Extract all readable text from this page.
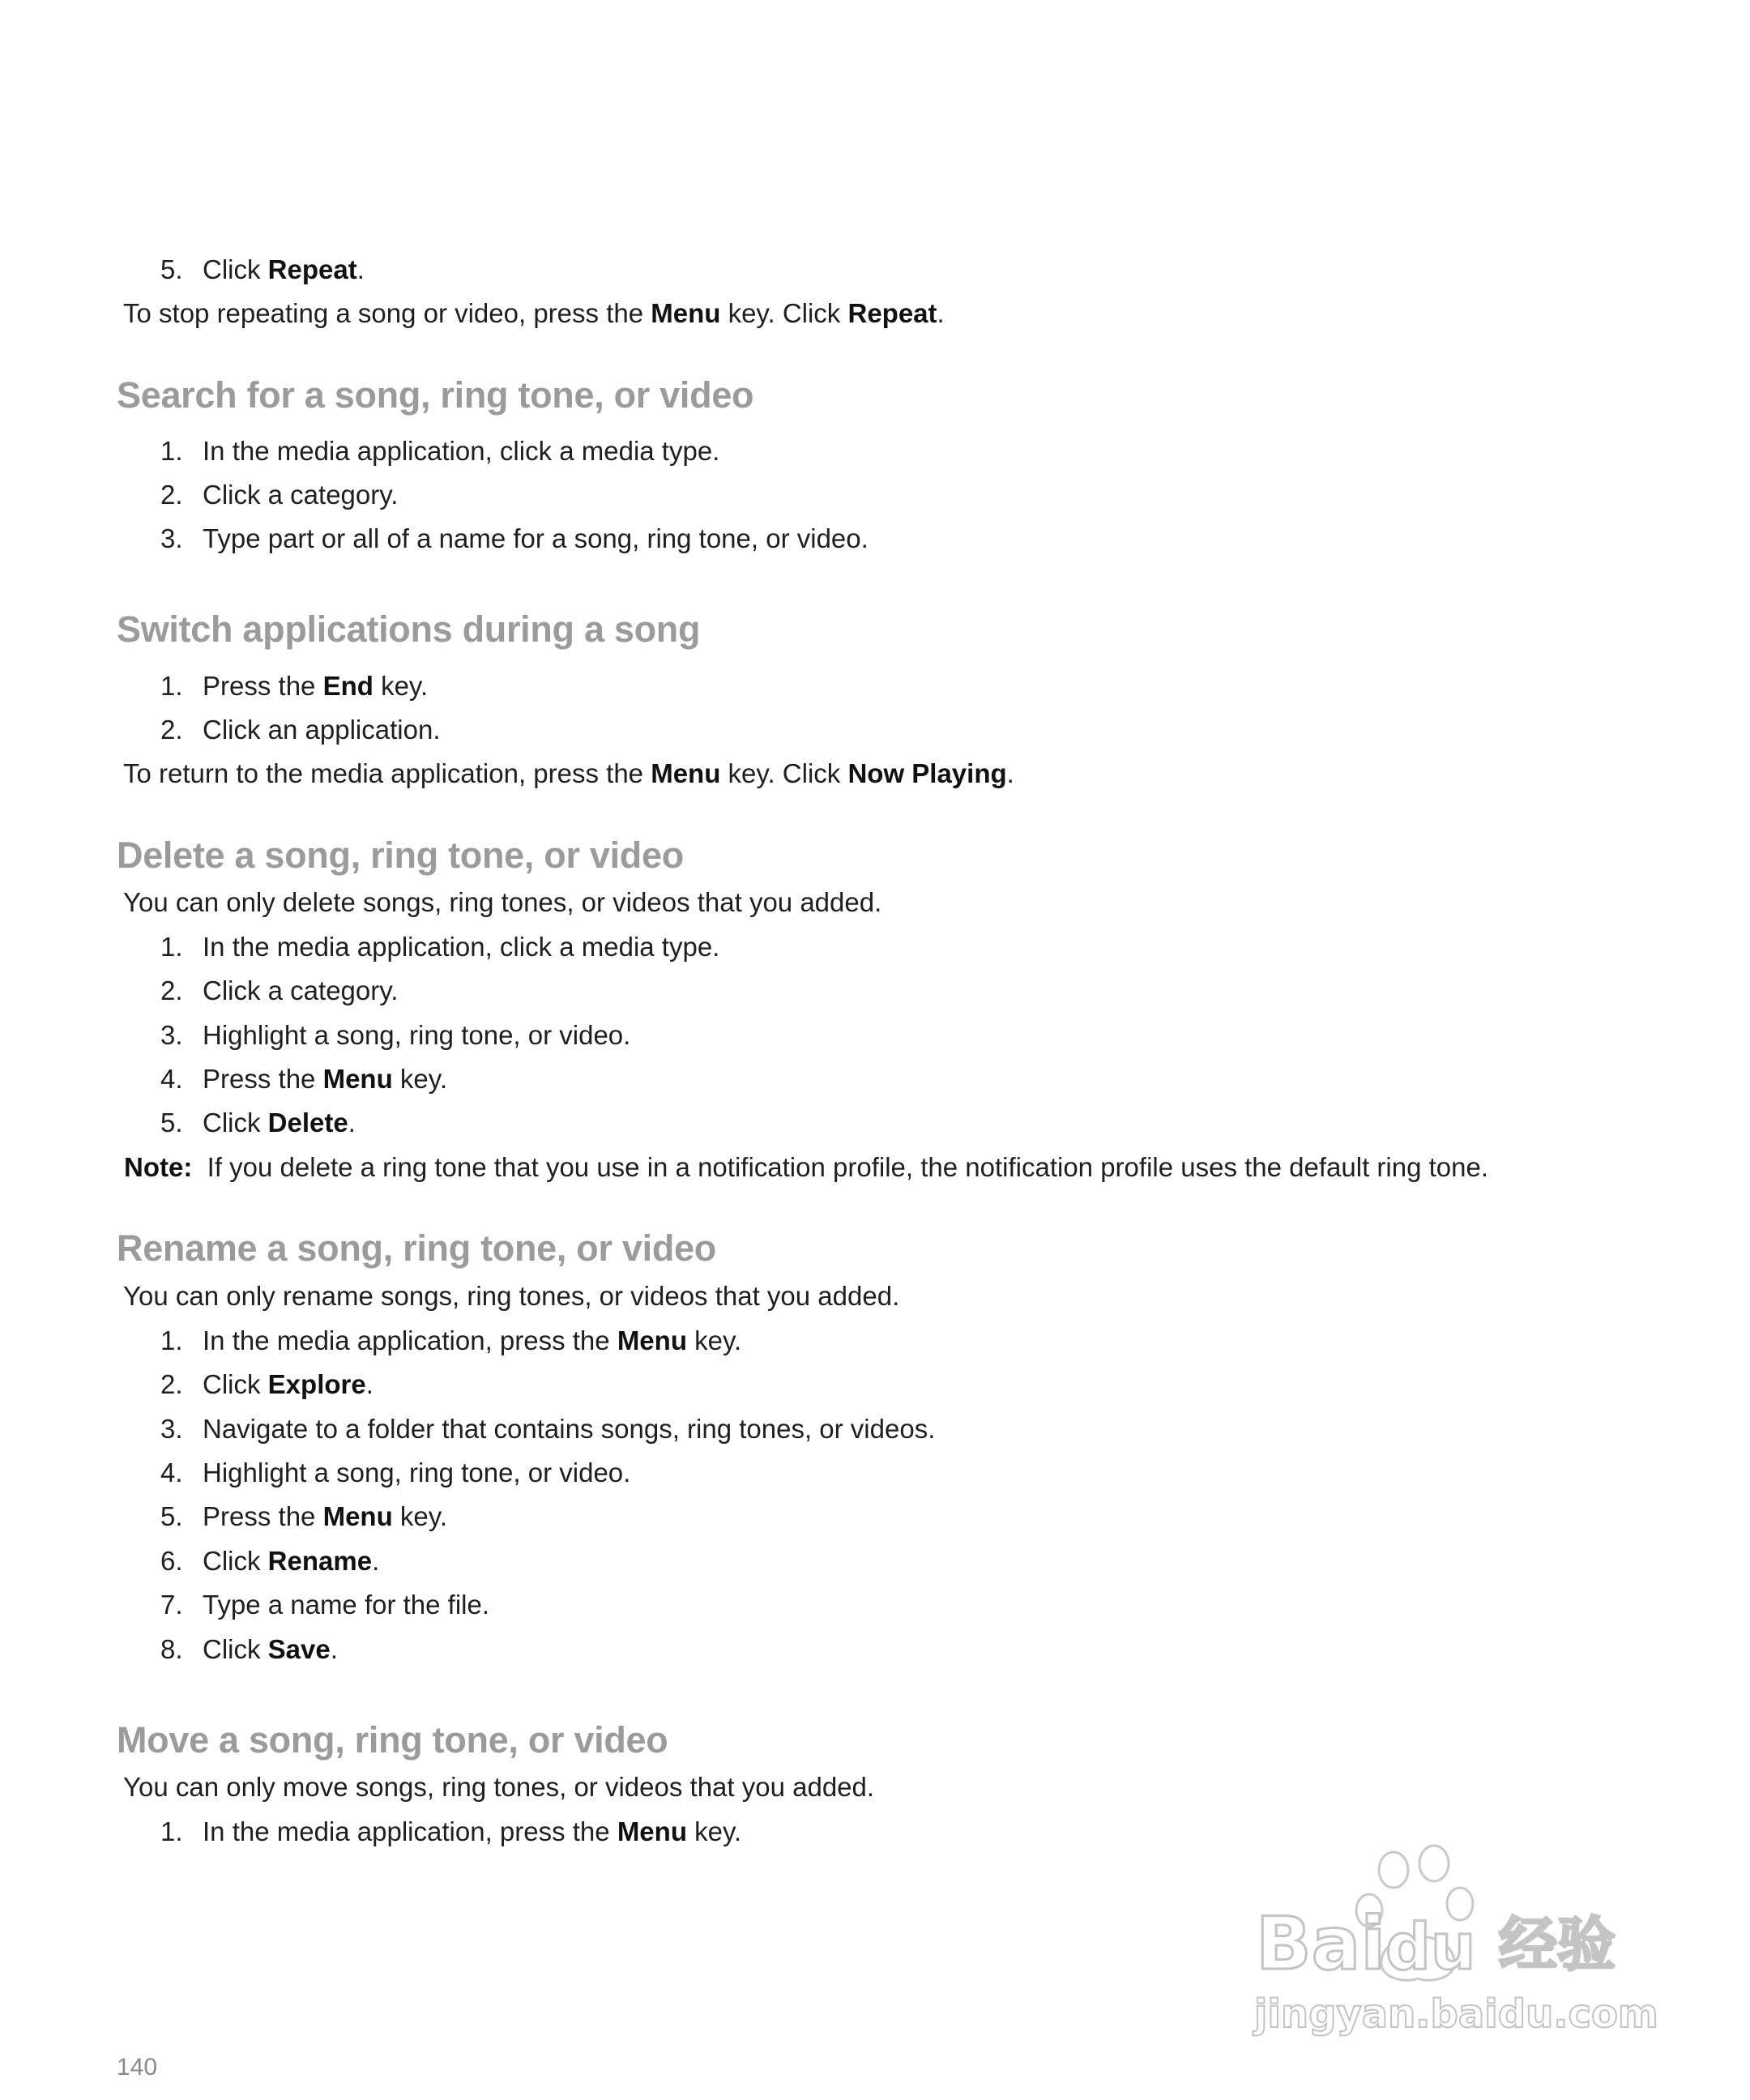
5. Click Repeat.
To stop repeating a song or video, press the Menu key. Click Repeat.
Search for a song, ring tone, or video
1. In the media application, click a media type.
2. Click a category.
3. Type part or all of a name for a song, ring tone, or video.
Switch applications during a song
1. Press the End key.
2. Click an application.
To return to the media application, press the Menu key. Click Now Playing.
Delete a song, ring tone, or video
You can only delete songs, ring tones, or videos that you added.
1. In the media application, click a media type.
2. Click a category.
3. Highlight a song, ring tone, or video.
4. Press the Menu key.
5. Click Delete.
Note: If you delete a ring tone that you use in a notification profile, the notification profile uses the default ring tone.
Rename a song, ring tone, or video
You can only rename songs, ring tones, or videos that you added.
1. In the media application, press the Menu key.
2. Click Explore.
3. Navigate to a folder that contains songs, ring tones, or videos.
4. Highlight a song, ring tone, or video.
5. Press the Menu key.
6. Click Rename.
7. Type a name for the file.
8. Click Save.
Move a song, ring tone, or video
You can only move songs, ring tones, or videos that you added.
1. In the media application, press the Menu key.
140
Bai du 经验
jingyan.baidu.com
